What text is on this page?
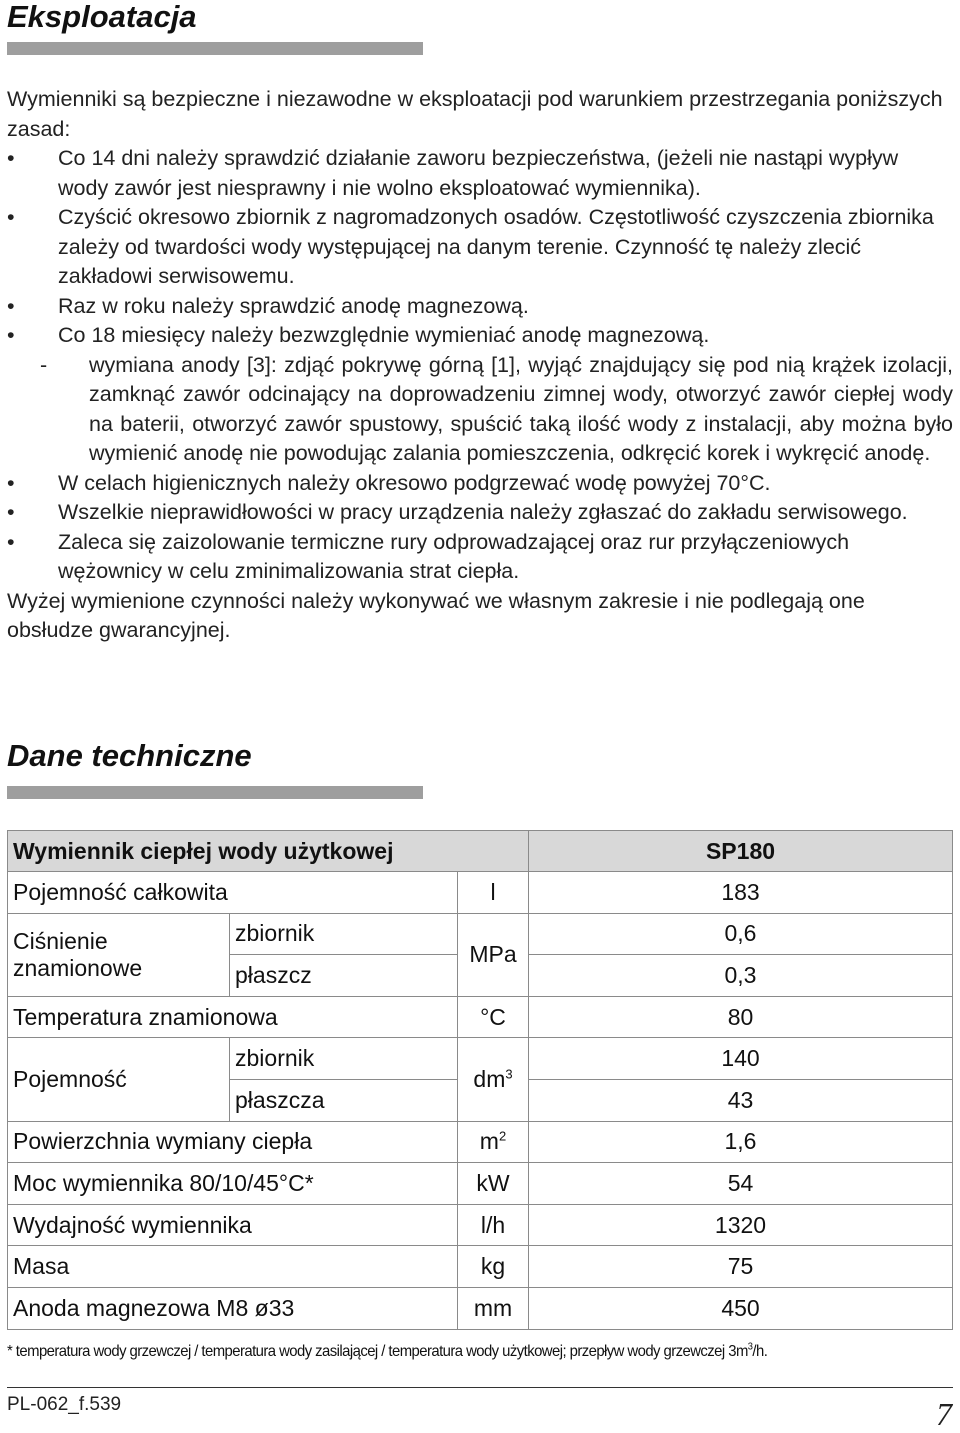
Eksploatacja

Wymienniki są bezpieczne i niezawodne w eksploatacji pod warunkiem przestrzegania poniższych zasad:

• Co 14 dni należy sprawdzić działanie zaworu bezpieczeństwa, (jeżeli nie nastąpi wypływ wody zawór jest niesprawny i nie wolno eksploatować wymiennika).
• Czyścić okresowo zbiornik z nagromadzonych osadów. Częstotliwość czyszczenia zbiornika zależy od twardości wody występującej na danym terenie. Czynność tę należy zlecić zakładowi serwisowemu.
• Raz w roku należy sprawdzić anodę magnezową.
• Co 18 miesięcy należy bezwzględnie wymieniać anodę magnezową.
- wymiana anody [3]: zdjąć pokrywę górną [1], wyjąć znajdujący się pod nią krążek izolacji, zamknąć zawór odcinający na doprowadzeniu zimnej wody, otworzyć zawór ciepłej wody na baterii, otworzyć zawór spustowy, spuścić taką ilość wody z instalacji, aby można było wymienić anodę nie powodując zalania pomieszczenia, odkręcić korek i wykręcić anodę.
• W celach higienicznych należy okresowo podgrzewać wodę powyżej 70°C.
• Wszelkie nieprawidłowości w pracy urządzenia należy zgłaszać do zakładu serwisowego.
• Zaleca się zaizolowanie termiczne rury odprowadzającej oraz rur przyłączeniowych wężownicy w celu zminimalizowania strat ciepła.

Wyżej wymienione czynności należy wykonywać we własnym zakresie i nie podlegają one obsłudze gwarancyjnej.

Dane techniczne
Wymiennik ciepłej wody użytkowej			SP180
Pojemność całkowita		l	183
Ciśnienie znamionowe	zbiornik	MPa	0,6
	płaszcz		0,3
Temperatura znamionowa		°C	80
Pojemność	zbiornik	$dm^3$	140
	płaszcza		43
Powierzchnia wymiany ciepła		$m^2$	1,6
Moc wymiennika 80/10/45°C*		kW	54
Wydajność wymiennika		l/h	1320
Masa		kg	75
Anoda magnezowa M8 ø33		mm	450
* temperatura wody grzewczej / temperatura wody zasilającej / temperatura wody użytkowej; przepływ wody grzewczej $3m^3/h$.
PL-062_f.539	7
